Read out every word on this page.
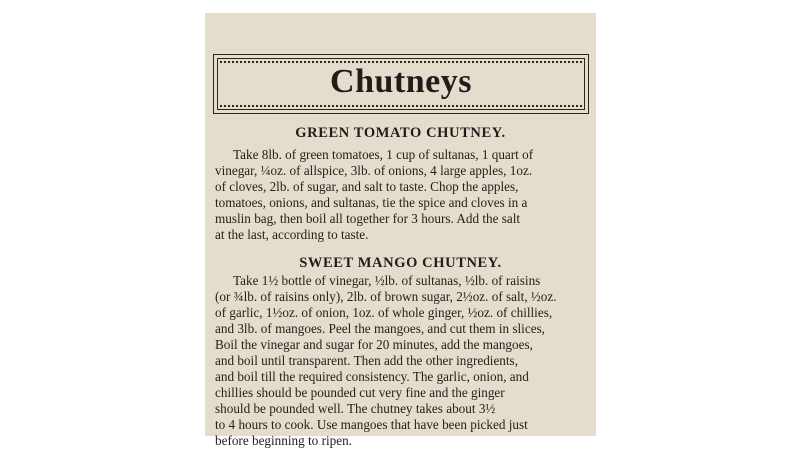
Chutneys
GREEN TOMATO CHUTNEY.
Take 8lb. of green tomatoes, 1 cup of sultanas, 1 quart of
vinegar, ¼oz. of allspice, 3lb. of onions, 4 large apples, 1oz.
of cloves, 2lb. of sugar, and salt to taste. Chop the apples,
tomatoes, onions, and sultanas, tie the spice and cloves in a
muslin bag, then boil all together for 3 hours. Add the salt
at the last, according to taste.
SWEET MANGO CHUTNEY.
Take 1½ bottle of vinegar, ½lb. of sultanas, ½lb. of raisins
(or ¾lb. of raisins only), 2lb. of brown sugar, 2½oz. of salt, ½oz.
of garlic, 1½oz. of onion, 1oz. of whole ginger, ½oz. of chillies,
and 3lb. of mangoes. Peel the mangoes, and cut them in slices,
Boil the vinegar and sugar for 20 minutes, add the mangoes,
and boil until transparent. Then add the other ingredients,
and boil till the required consistency. The garlic, onion, and
chillies should be pounded cut very fine and the ginger
should be pounded well. The chutney takes about 3½
to 4 hours to cook. Use mangoes that have been picked just
before beginning to ripen.
